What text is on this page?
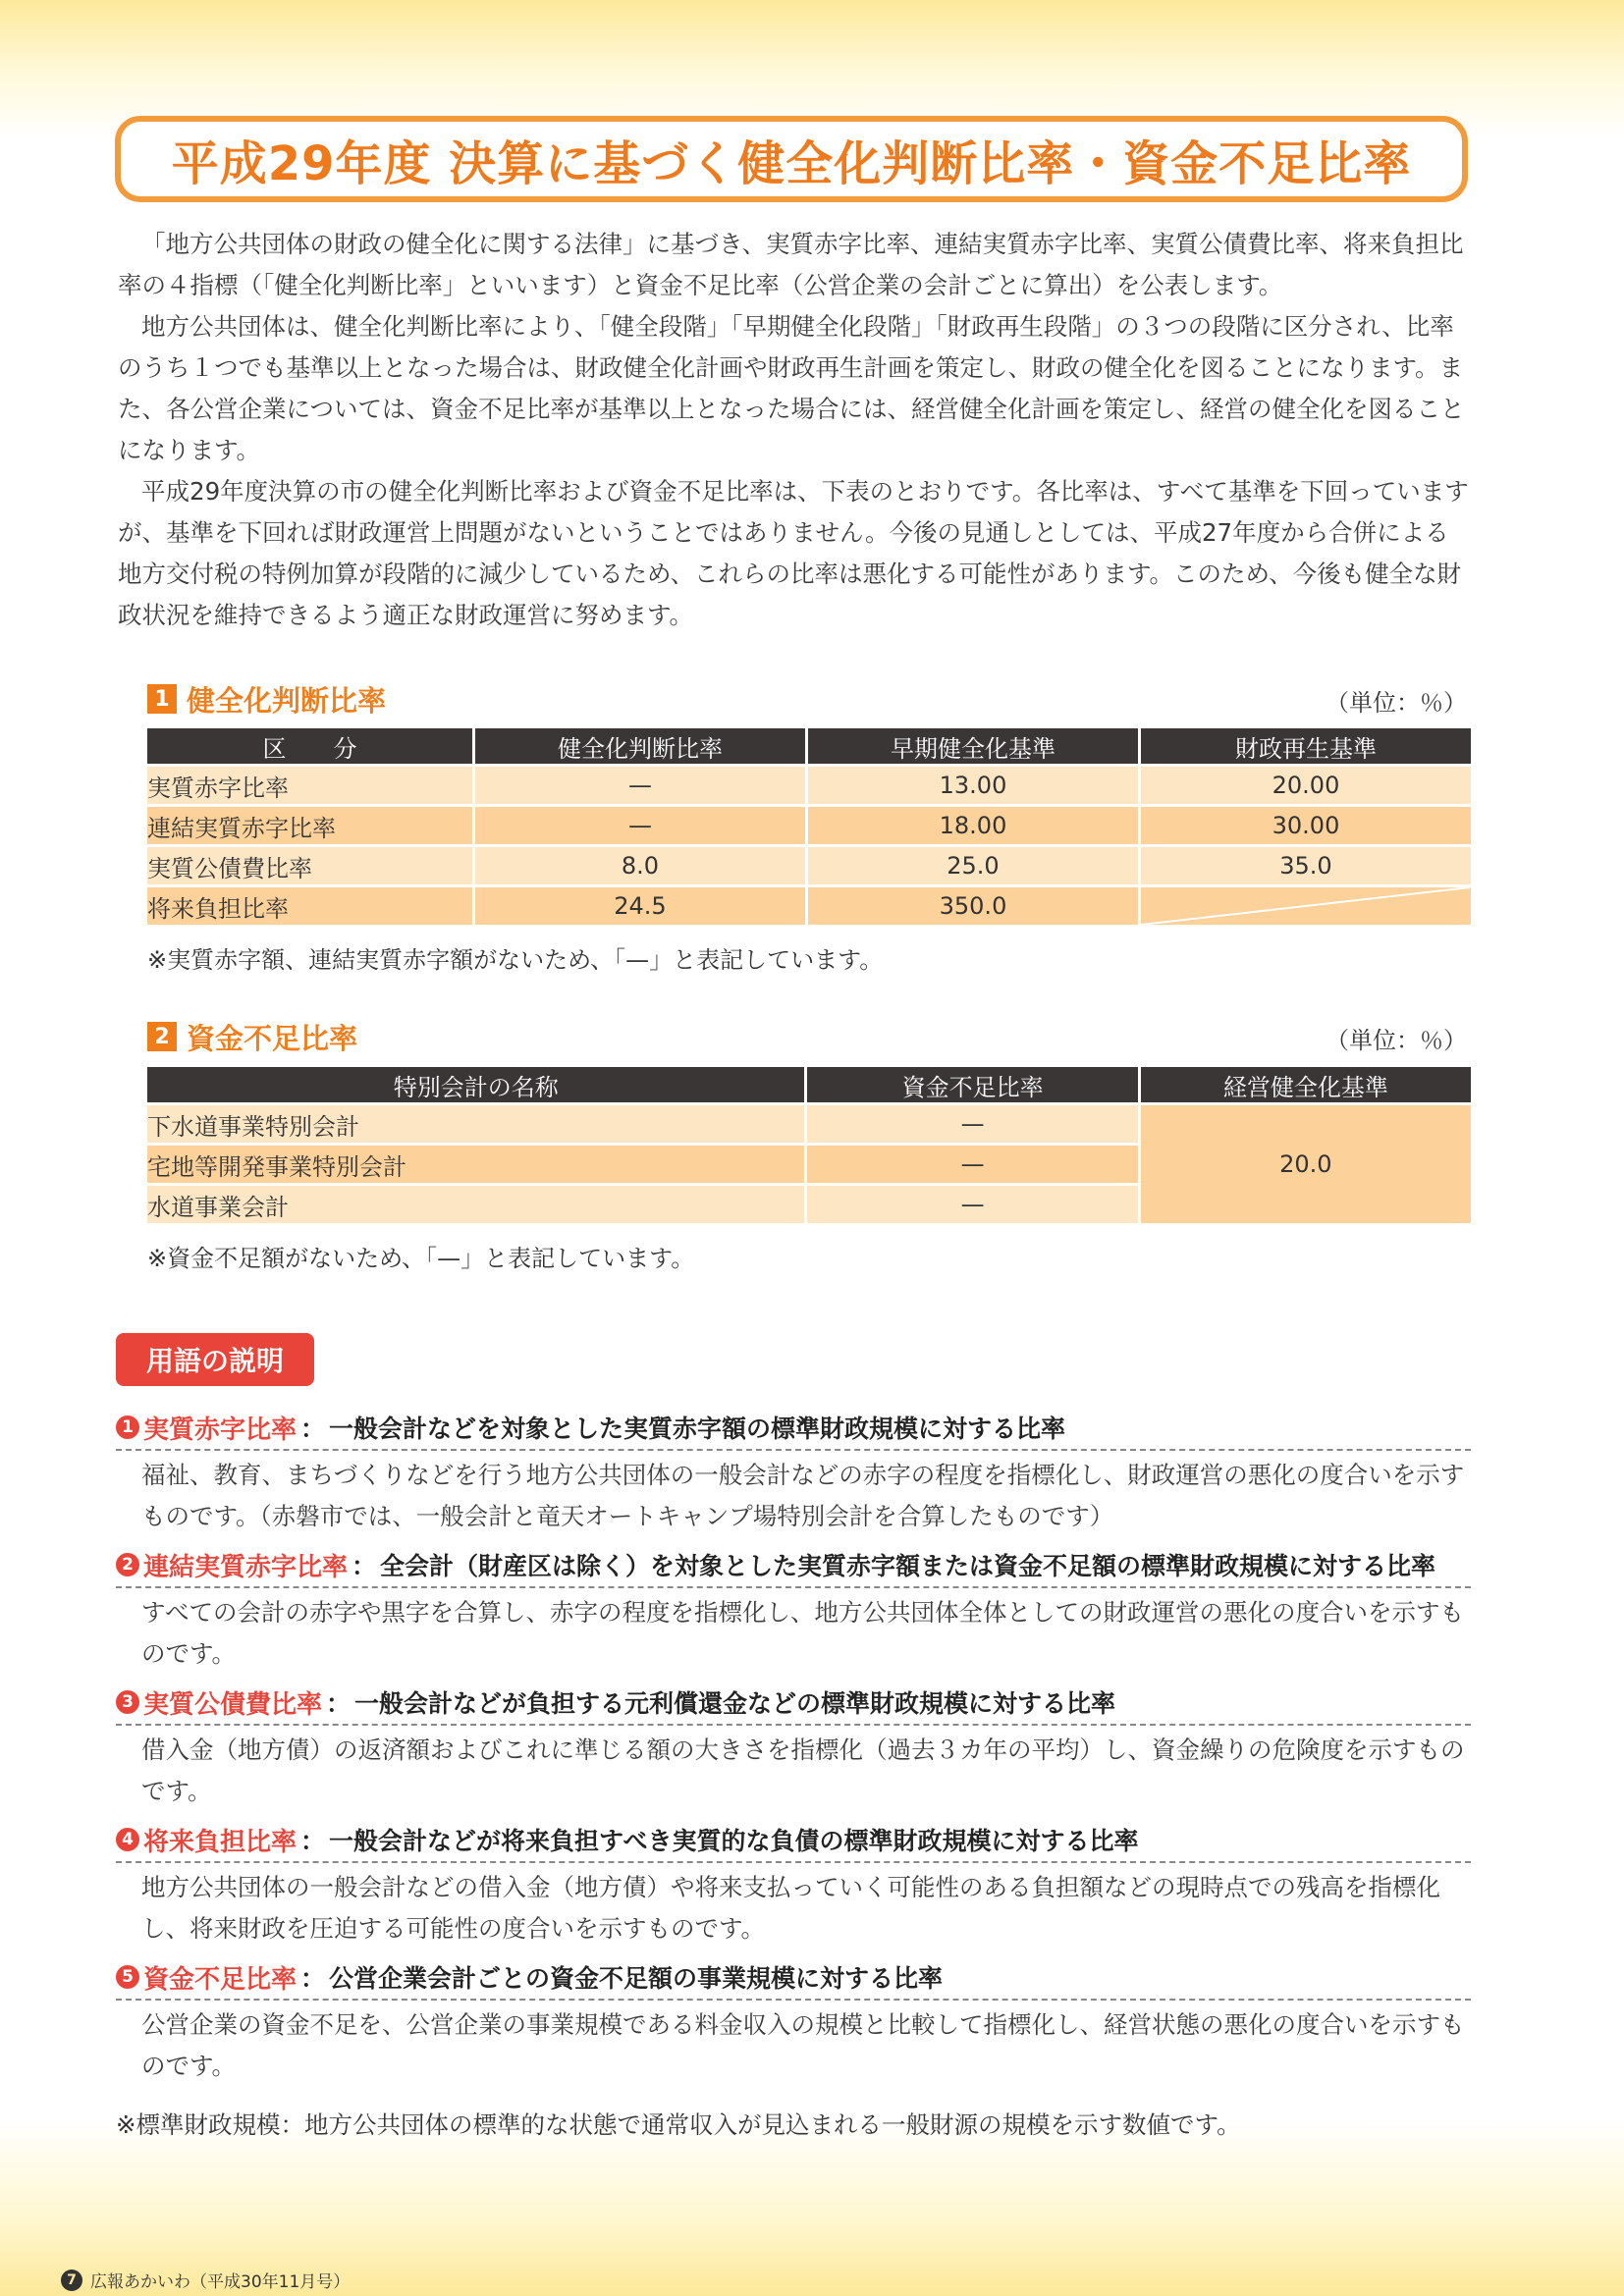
平成29年度 決算に基づく健全化判断比率・資金不足比率

「地方公共団体の財政の健全化に関する法律」に基づき、実質赤字比率、連結実質赤字比率、実質公債費比率、将来負担比率の４指標（「健全化判断比率」といいます）と資金不足比率（公営企業の会計ごとに算出）を公表します。

地方公共団体は、健全化判断比率により、「健全段階」「早期健全化段階」「財政再生段階」の３つの段階に区分され、比率のうち１つでも基準以上となった場合は、財政健全化計画や財政再生計画を策定し、財政の健全化を図ることになります。また、各公営企業については、資金不足比率が基準以上となった場合には、経営健全化計画を策定し、経営の健全化を図ることになります。

平成29年度決算の市の健全化判断比率および資金不足比率は、下表のとおりです。各比率は、すべて基準を下回っていますが、基準を下回れば財政運営上問題がないということではありません。今後の見通しとしては、平成27年度から合併による地方交付税の特例加算が段階的に減少しているため、これらの比率は悪化する可能性があります。このため、今後も健全な財政状況を維持できるよう適正な財政運営に努めます。

1 健全化判断比率	（単位：％）
区　　分	健全化判断比率	早期健全化基準	財政再生基準
実質赤字比率	—	13.00	20.00
連結実質赤字比率	—	18.00	30.00
実質公債費比率	8.0	25.0	35.0
将来負担比率	24.5	350.0	
※実質赤字額、連結実質赤字額がないため、「—」と表記しています。
2 資金不足比率	（単位：％）
特別会計の名称	資金不足比率	経営健全化基準
下水道事業特別会計	—	20.0
宅地等開発事業特別会計	—	
水道事業会計	—	
※資金不足額がないため、「—」と表記しています。
用語の説明
1 実質赤字比率 ： 一般会計などを対象とした実質赤字額の標準財政規模に対する比率
福祉、教育、まちづくりなどを行う地方公共団体の一般会計などの赤字の程度を指標化し、財政運営の悪化の度合いを示すものです。（赤磐市では、一般会計と竜天オートキャンプ場特別会計を合算したものです）
2 連結実質赤字比率 ： 全会計（財産区は除く）を対象とした実質赤字額または資金不足額の標準財政規模に対する比率
すべての会計の赤字や黒字を合算し、赤字の程度を指標化し、地方公共団体全体としての財政運営の悪化の度合いを示すものです。
3 実質公債費比率 ： 一般会計などが負担する元利償還金などの標準財政規模に対する比率
借入金（地方債）の返済額およびこれに準じる額の大きさを指標化（過去３カ年の平均）し、資金繰りの危険度を示すものです。
4 将来負担比率 ： 一般会計などが将来負担すべき実質的な負債の標準財政規模に対する比率
地方公共団体の一般会計などの借入金（地方債）や将来支払っていく可能性のある負担額などの現時点での残高を指標化し、将来財政を圧迫する可能性の度合いを示すものです。
5 資金不足比率 ： 公営企業会計ごとの資金不足額の事業規模に対する比率
公営企業の資金不足を、公営企業の事業規模である料金収入の規模と比較して指標化し、経営状態の悪化の度合いを示すものです。
※標準財政規模：地方公共団体の標準的な状態で通常収入が見込まれる一般財源の規模を示す数値です。
7 広報あかいわ（平成30年11月号）
